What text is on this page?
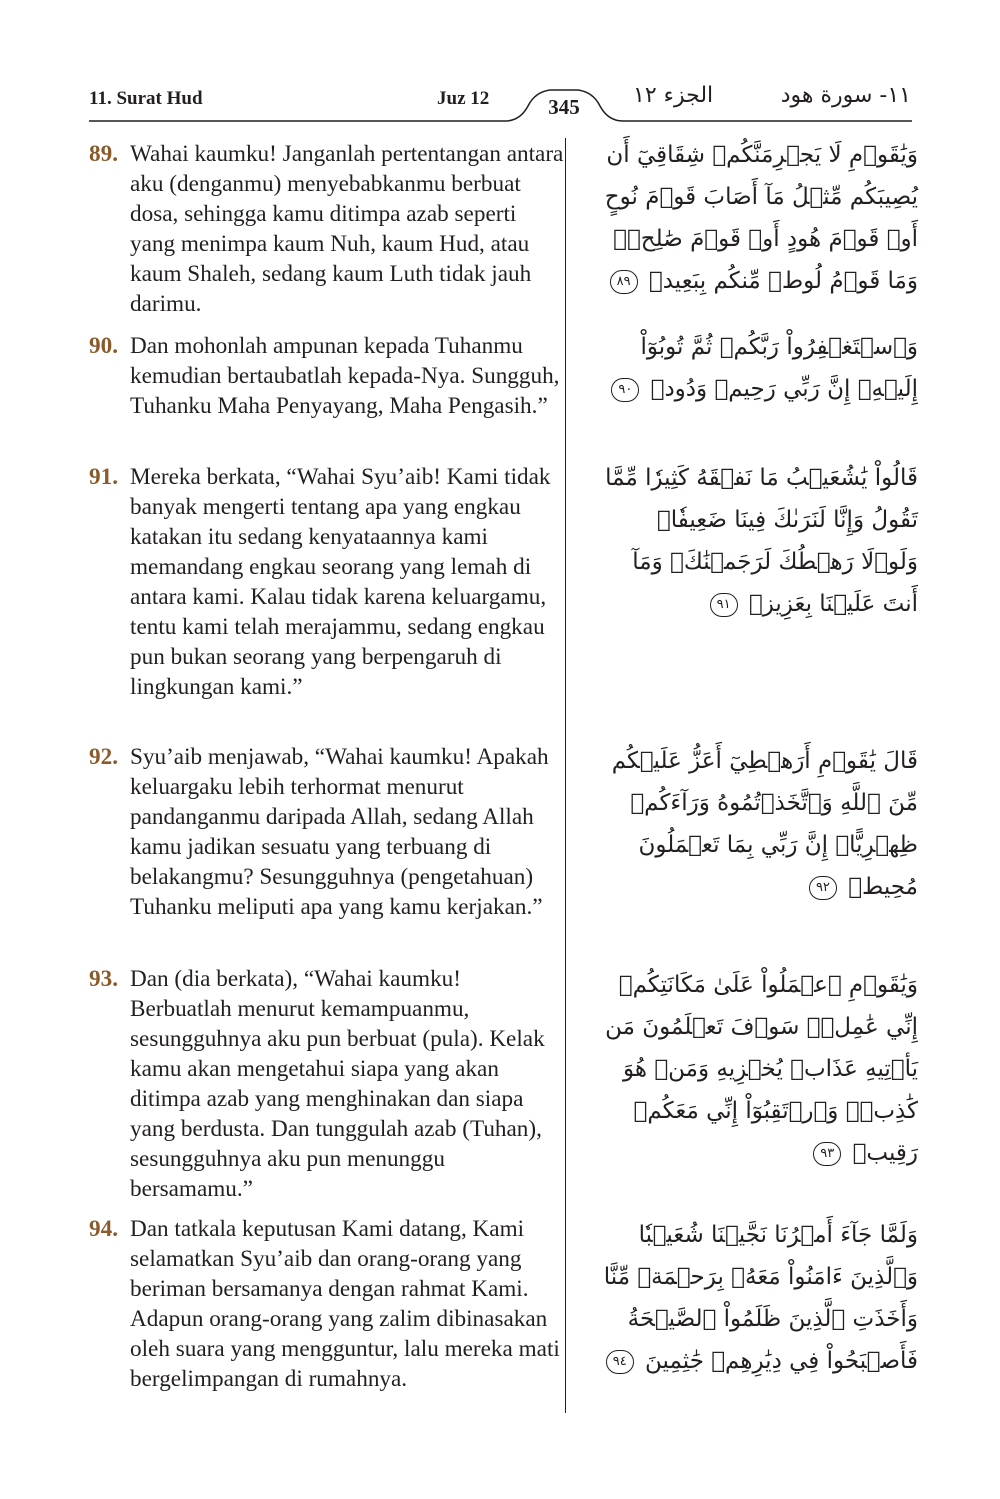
11. Surat Hud	Juz 12	345	الجزء ١٢	١١- سورة هود
89. Wahai kaumku! Janganlah pertentangan antara aku (denganmu) menyebabkanmu berbuat dosa, sehingga kamu ditimpa azab seperti yang menimpa kaum Nuh, kaum Hud, atau kaum Shaleh, sedang kaum Luth tidak jauh darimu.
وَيَٰقَوۡمِ لَا يَجۡرِمَنَّكُمۡ شِقَاقِيٓ أَن يُصِيبَكُم مِّثۡلُ مَآ أَصَابَ قَوۡمَ نُوحٍ أَوۡ قَوۡمَ هُودٍ أَوۡ قَوۡمَ صَٰلِحٖۚ وَمَا قَوۡمُ لُوطٖ مِّنكُم بِبَعِيدٖ ٨٩
90. Dan mohonlah ampunan kepada Tuhanmu kemudian bertaubatlah kepada-Nya. Sungguh, Tuhanku Maha Penyayang, Maha Pengasih.”
وَٱسۡتَغۡفِرُواْ رَبَّكُمۡ ثُمَّ تُوبُوٓاْ إِلَيۡهِۚ إِنَّ رَبِّي رَحِيمٞ وَدُودٞ ٩٠
91. Mereka berkata, “Wahai Syu’aib! Kami tidak banyak mengerti tentang apa yang engkau katakan itu sedang kenyataannya kami memandang engkau seorang yang lemah di antara kami. Kalau tidak karena keluargamu, tentu kami telah merajammu, sedang engkau pun bukan seorang yang berpengaruh di lingkungan kami.”
قَالُواْ يَٰشُعَيۡبُ مَا نَفۡقَهُ كَثِيرٗا مِّمَّا تَقُولُ وَإِنَّا لَنَرَىٰكَ فِينَا ضَعِيفٗاۖ وَلَوۡلَا رَهۡطُكَ لَرَجَمۡنَٰكَۖ وَمَآ أَنتَ عَلَيۡنَا بِعَزِيزٖ ٩١
92. Syu’aib menjawab, “Wahai kaumku! Apakah keluargaku lebih terhormat menurut pandanganmu daripada Allah, sedang Allah kamu jadikan sesuatu yang terbuang di belakangmu? Sesungguhnya (pengetahuan) Tuhanku meliputi apa yang kamu kerjakan.”
قَالَ يَٰقَوۡمِ أَرَهۡطِيٓ أَعَزُّ عَلَيۡكُم مِّنَ ٱللَّهِ وَٱتَّخَذۡتُمُوهُ وَرَآءَكُمۡ ظِهۡرِيًّاۖ إِنَّ رَبِّي بِمَا تَعۡمَلُونَ مُحِيطٞ ٩٢
93. Dan (dia berkata), “Wahai kaumku! Berbuatlah menurut kemampuanmu, sesungguhnya aku pun berbuat (pula). Kelak kamu akan mengetahui siapa yang akan ditimpa azab yang menghinakan dan siapa yang berdusta. Dan tunggulah azab (Tuhan), sesungguhnya aku pun menunggu bersamamu.”
وَيَٰقَوۡمِ ٱعۡمَلُواْ عَلَىٰ مَكَانَتِكُمۡ إِنِّي عَٰمِلٞۖ سَوۡفَ تَعۡلَمُونَ مَن يَأۡتِيهِ عَذَابٞ يُخۡزِيهِ وَمَنۡ هُوَ كَٰذِبٞۖ وَٱرۡتَقِبُوٓاْ إِنِّي مَعَكُمۡ رَقِيبٞ ٩٣
94. Dan tatkala keputusan Kami datang, Kami selamatkan Syu’aib dan orang-orang yang beriman bersamanya dengan rahmat Kami. Adapun orang-orang yang zalim dibinasakan oleh suara yang mengguntur, lalu mereka mati bergelimpangan di rumahnya.
وَلَمَّا جَآءَ أَمۡرُنَا نَجَّيۡنَا شُعَيۡبٗا وَٱلَّذِينَ ءَامَنُواْ مَعَهُۥ بِرَحۡمَةٖ مِّنَّا وَأَخَذَتِ ٱلَّذِينَ ظَلَمُواْ ٱلصَّيۡحَةُ فَأَصۡبَحُواْ فِي دِيَٰرِهِمۡ جَٰثِمِينَ ٩٤
